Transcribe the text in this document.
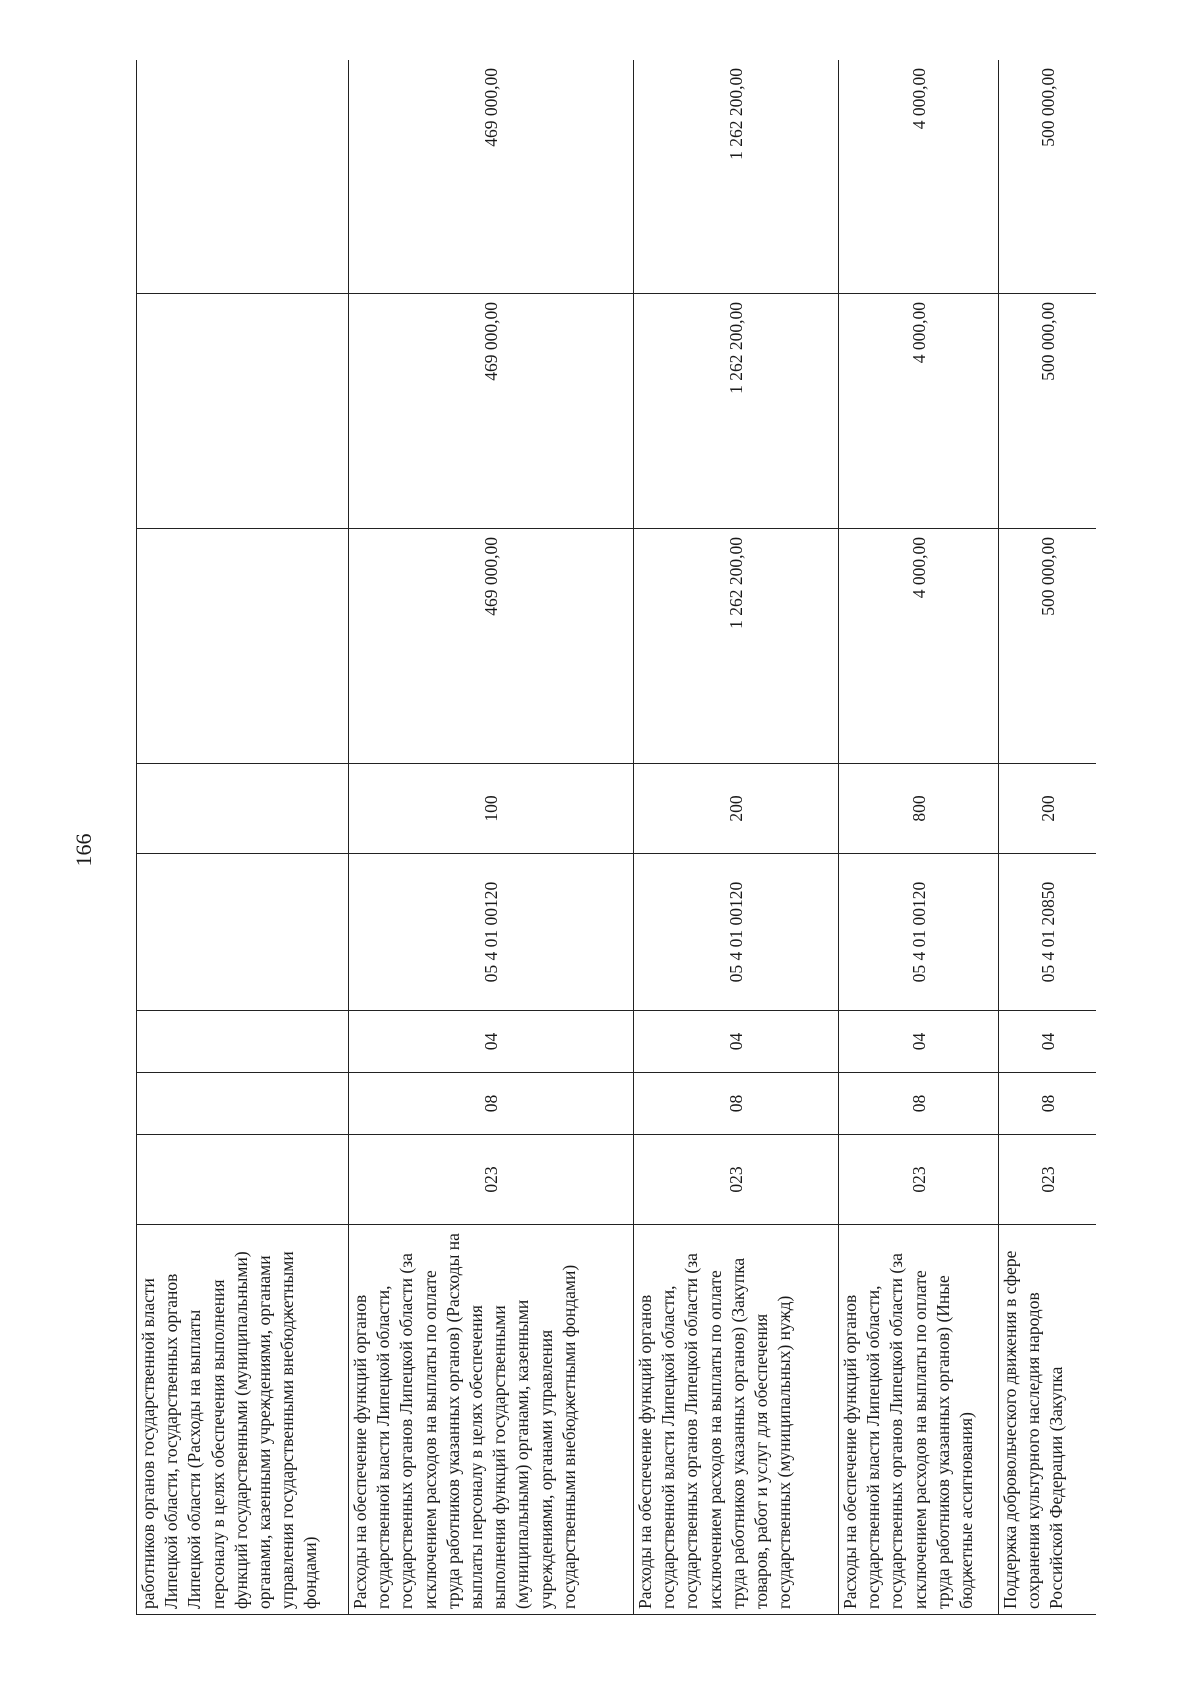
166
работников органов государственной власти Липецкой области, государственных органов Липецкой области (Расходы на выплаты персоналу в целях обеспечения выполнения функций государственными (муниципальными) органами, казенными учреждениями, органами управления государственными внебюджетными фондами)								
Расходы на обеспечение функций органов государственной власти Липецкой области, государственных органов Липецкой области (за исключением расходов на выплаты по оплате труда работников указанных органов) (Расходы на выплаты персоналу в целях обеспечения выполнения функций государственными (муниципальными) органами, казенными учреждениями, органами управления государственными внебюджетными фондами)	023	08	04	05 4 01 00120	100	469 000,00	469 000,00	469 000,00
Расходы на обеспечение функций органов государственной власти Липецкой области, государственных органов Липецкой области (за исключением расходов на выплаты по оплате труда работников указанных органов) (Закупка товаров, работ и услуг для обеспечения государственных (муниципальных) нужд)	023	08	04	05 4 01 00120	200	1 262 200,00	1 262 200,00	1 262 200,00
Расходы на обеспечение функций органов государственной власти Липецкой области, государственных органов Липецкой области (за исключением расходов на выплаты по оплате труда работников указанных органов) (Иные бюджетные ассигнования)	023	08	04	05 4 01 00120	800	4 000,00	4 000,00	4 000,00
Поддержка добровольческого движения в сфере сохранения культурного наследия народов Российской Федерации (Закупка	023	08	04	05 4 01 20850	200	500 000,00	500 000,00	500 000,00
